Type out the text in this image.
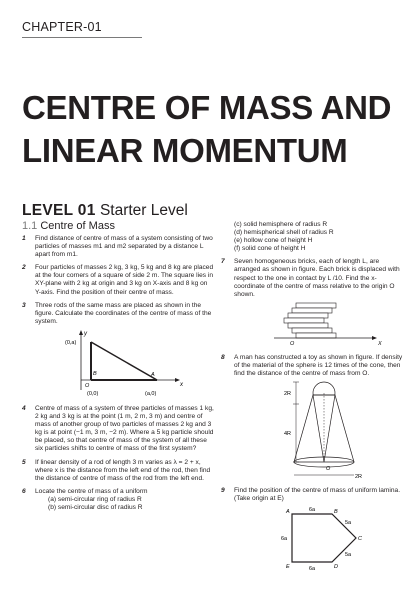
CHAPTER-01
CENTRE OF MASS AND
LINEAR MOMENTUM
LEVEL 01 Starter Level
1.1 Centre of Mass
1 Find distance of centre of mass of a system consisting of two particles of masses m1 and m2 separated by a distance L apart from m1.
2 Four particles of masses 2 kg, 3 kg, 5 kg and 8 kg are placed at the four corners of a square of side 2 m. The square lies in XY-plane with 2 kg at origin and 3 kg on X-axis and 8 kg on Y-axis. Find the position of their centre of mass.
3 Three rods of the same mass are placed as shown in the figure. Calculate the coordinates of the centre of mass of the system.
y
x
(0,a)
B	A
O
(0,0)	(a,0)
4 Centre of mass of a system of three particles of masses 1 kg, 2 kg and 3 kg is at the point (1 m, 2 m, 3 m) and centre of mass of another group of two particles of masses 2 kg and 3 kg is at point (−1 m, 3 m, −2 m). Where a 5 kg particle should be placed, so that centre of mass of the system of all these six particles shifts to centre of mass of the first system?
5 If linear density of a rod of length 3 m varies as λ = 2 + x, where x is the distance from the left end of the rod, then find the distance of centre of mass of the rod from the left end.
6 Locate the centre of mass of a uniform
(a) semi-circular ring of radius R
(b) semi-circular disc of radius R
(c) solid hemisphere of radius R
(d) hemispherical shell of radius R
(e) hollow cone of height H
(f) solid cone of height H
7 Seven homogeneous bricks, each of length L, are arranged as shown in figure. Each brick is displaced with respect to the one in contact by L /10. Find the x-coordinate of the centre of mass relative to the origin O shown.
O	X
8 A man has constructed a toy as shown in figure. If density of the material of the sphere is 12 times of the cone, then find the distance of the centre of mass from O.
2R
4R
O
2R
9 Find the position of the centre of mass of uniform lamina. (Take origin at E)
A	B
C
D
E
6a
5a
6a
5a
6a
